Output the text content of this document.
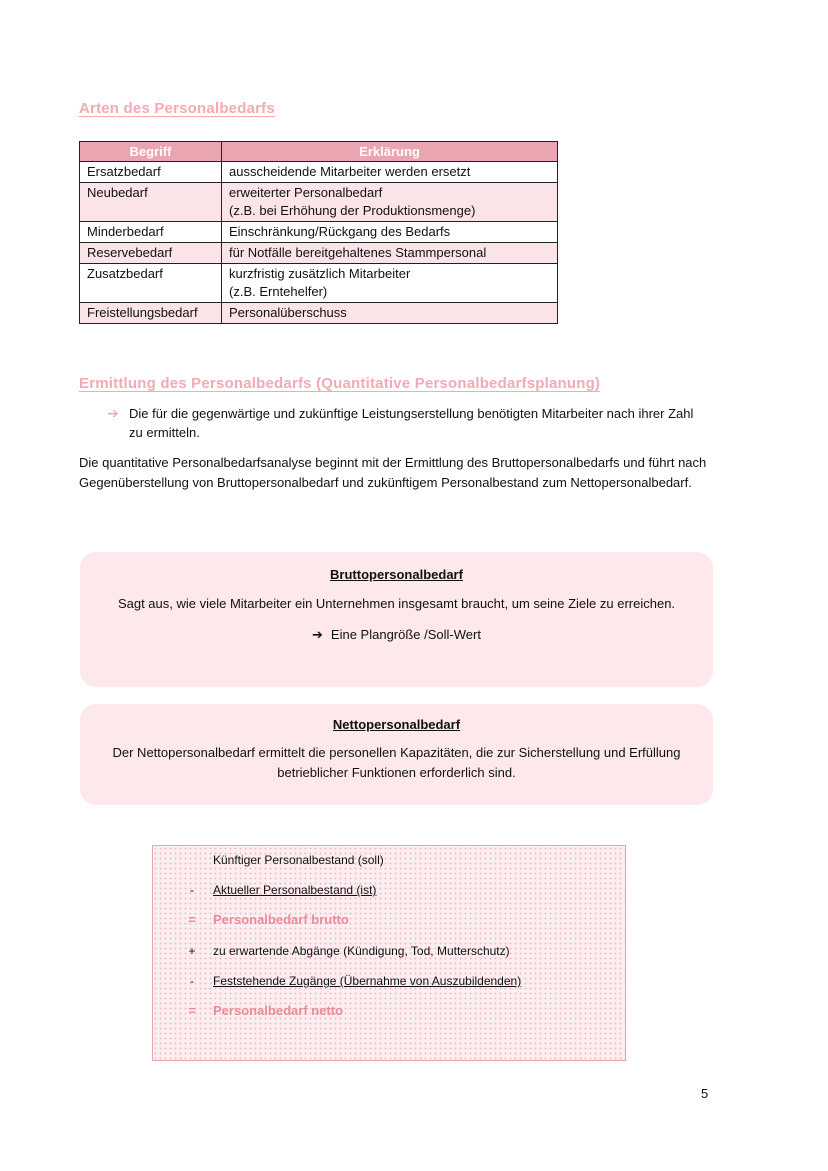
Arten des Personalbedarfs
Begriff	Erklärung
Ersatzbedarf	ausscheidende Mitarbeiter werden ersetzt

Neubedarf	erweiterter Personalbedarf
(z.B. bei Erhöhung der Produktionsmenge)

Minderbedarf	Einschränkung/Rückgang des Bedarfs

Reservebedarf	für Notfälle bereitgehaltenes Stammpersonal

Zusatzbedarf	kurzfristig zusätzlich Mitarbeiter
(z.B. Erntehelfer)

Freistellungsbedarf	Personalüberschuss
Ermittlung des Personalbedarfs (Quantitative Personalbedarfsplanung)
➔ Die für die gegenwärtige und zukünftige Leistungserstellung benötigten Mitarbeiter nach ihrer Zahl zu ermitteln.
Die quantitative Personalbedarfsanalyse beginnt mit der Ermittlung des Bruttopersonalbedarfs und führt nach Gegenüberstellung von Bruttopersonalbedarf und zukünftigem Personalbestand zum Nettopersonalbedarf.
Bruttopersonalbedarf
Sagt aus, wie viele Mitarbeiter ein Unternehmen insgesamt braucht, um seine Ziele zu erreichen.
➔ Eine Plangröße /Soll-Wert
Nettopersonalbedarf
Der Nettopersonalbedarf ermittelt die personellen Kapazitäten, die zur Sicherstellung und Erfüllung betrieblicher Funktionen erforderlich sind.
Künftiger Personalbestand (soll)
-	Aktueller Personalbestand (ist)
= Personalbedarf brutto
+ zu erwartende Abgänge (Kündigung, Tod, Mutterschutz)
-	Feststehende Zugänge (Übernahme von Auszubildenden)
= Personalbedarf netto
5
